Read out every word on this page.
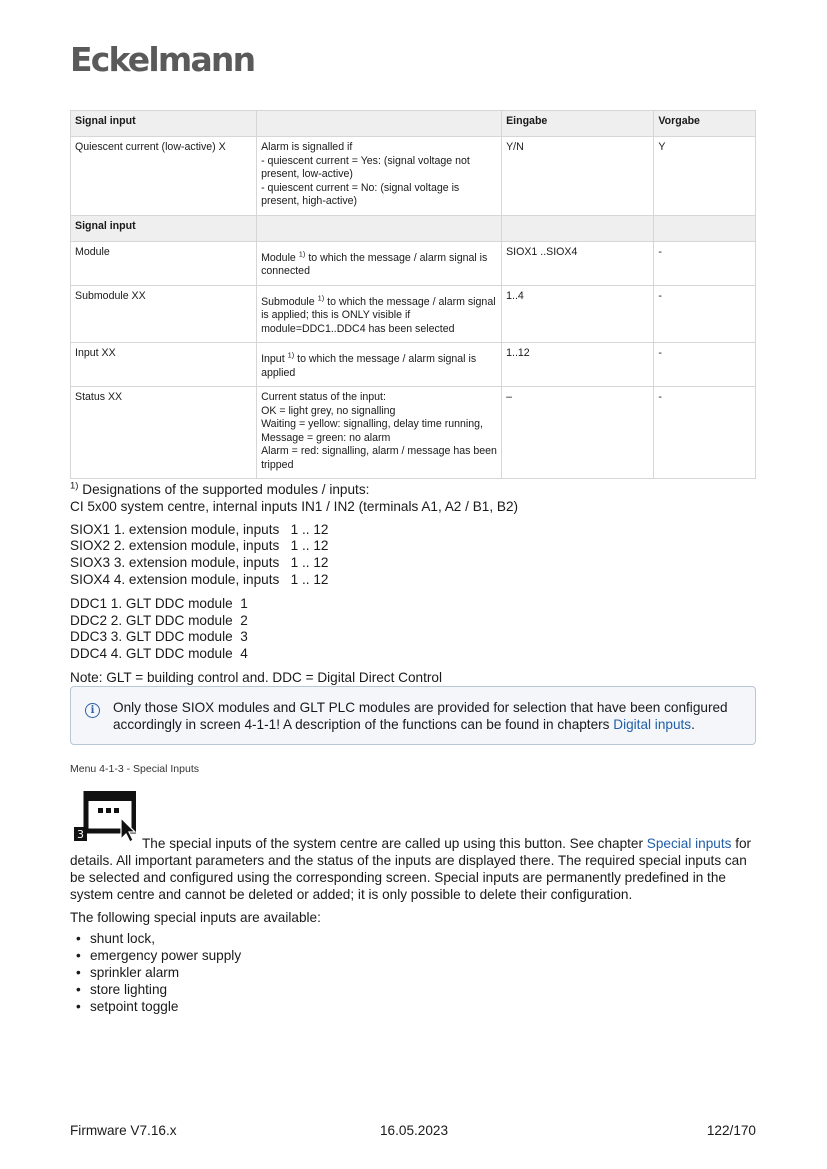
Eckelmann
Signal input		Eingabe	Vorgabe
Quiescent current (low-active) X	Alarm is signalled if
- quiescent current = Yes: (signal voltage not present, low-active)
- quiescent current = No: (signal voltage is present, high-active)	Y/N	Y
Signal input			
Module	Module $^{1)}$ to which the message / alarm signal is connected	SIOX1 ..SIOX4	-
Submodule XX	Submodule $^{1)}$ to which the message / alarm signal is applied; this is ONLY visible if module=DDC1..DDC4 has been selected	1..4	-
Input XX	Input $^{1)}$ to which the message / alarm signal is applied	1..12	-
Status XX	Current status of the input:
OK = light grey, no signalling
Waiting = yellow: signalling, delay time running,
Message = green: no alarm
Alarm = red: signalling, alarm / message has been tripped	–	-

$^{1)}$ Designations of the supported modules / inputs:
CI 5x00 system centre, internal inputs IN1 / IN2 (terminals A1, A2 / B1, B2)

SIOX1 1. extension module, inputs   1 .. 12
SIOX2 2. extension module, inputs   1 .. 12
SIOX3 3. extension module, inputs   1 .. 12
SIOX4 4. extension module, inputs   1 .. 12
DDC1 1. GLT DDC module  1
DDC2 2. GLT DDC module  2
DDC3 3. GLT DDC module  3
DDC4 4. GLT DDC module  4

Note: GLT = building control and. DDC = Digital Direct Control

i	Only those SIOX modules and GLT PLC modules are provided for selection that have been configured accordingly in screen 4-1-1! A description of the functions can be found in chapters Digital inputs.
Menu 4-1-3 - Special Inputs
3

The special inputs of the system centre are called up using this button. See chapter Special inputs for details. All important parameters and the status of the inputs are displayed there. The required special inputs can be selected and configured using the corresponding screen. Special inputs are permanently predefined in the system centre and cannot be deleted or added; it is only possible to delete their configuration.

The following special inputs are available:

• shunt lock,
• emergency power supply
• sprinkler alarm
• store lighting
• setpoint toggle
Firmware V7.16.x	16.05.2023	122/170
